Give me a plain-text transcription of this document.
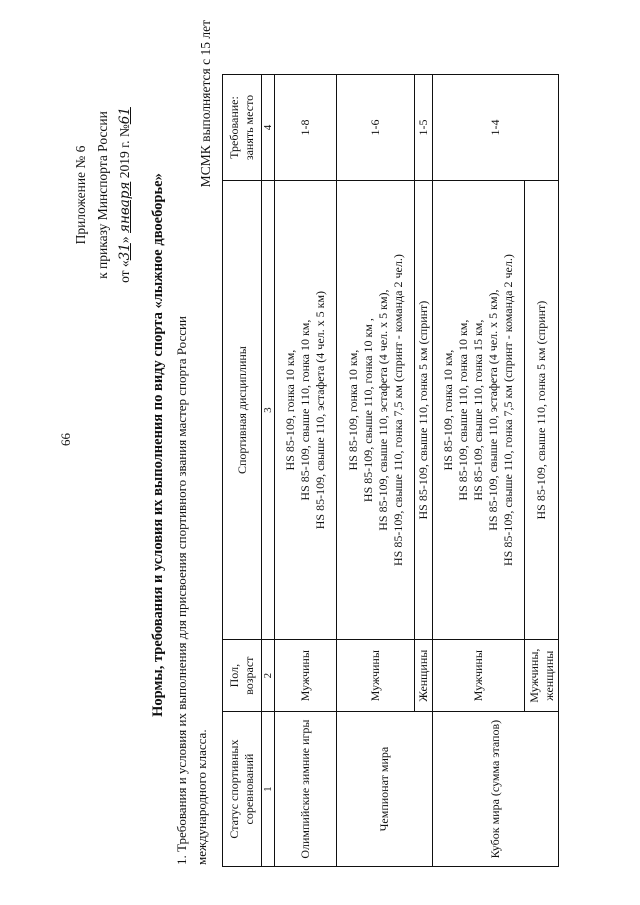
Приложение № 6 к приказу Минспорта России от «31» января 2019 г. №61
Нормы, требования и условия их выполнения по виду спорта «лыжное двоеборье» 1. Требования и условия их выполнения для присвоения спортивного звания мастер спорта России международного класса.
МСМК выполняется с 15 лет
Статус спортивных соревнований	Пол, возраст	Спортивная дисциплины	Требование: занять место
1	2	3	4
Олимпийские зимние игры	Мужчины	HS 85-109, гонка 10 км, HS 85-109, свыше 110, гонка 10 км, HS 85-109, свыше 110, эстафета (4 чел. х 5 км)	1-8
Чемпионат мира	Мужчины	HS 85-109, гонка 10 км, HS 85-109, свыше 110, гонка 10 км , HS 85-109, свыше 110, эстафета (4 чел. х 5 км), HS 85-109, свыше 110, гонка 7,5 км (спринт - команда 2 чел.)	1-6
	Женщины	HS 85-109, свыше 110, гонка 5 км (спринт)	1-5
Кубок мира (сумма этапов)	Мужчины	HS 85-109, гонка 10 км, HS 85-109, свыше 110, гонка 10 км, HS 85-109, свыше 110, гонка 15 км, HS 85-109, свыше 110, эстафета (4 чел. х 5 км), HS 85-109, свыше 110, гонка 7,5 км (спринт - команда 2 чел.)	1-4
	Мужчины, женщины	HS 85-109, свыше 110, гонка 5 км (спринт)	
66
